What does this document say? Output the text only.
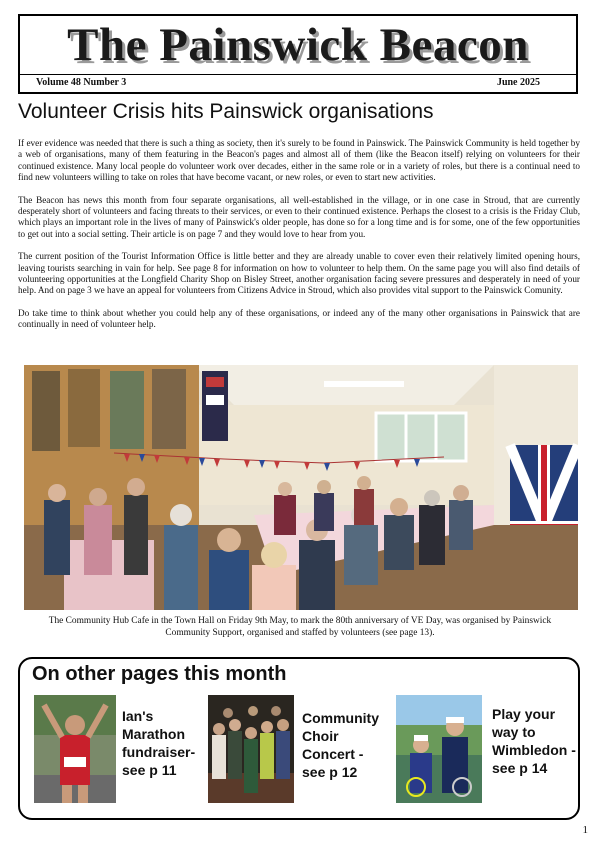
The Painswick Beacon
Volume 48 Number 3	June 2025
Volunteer Crisis hits Painswick organisations

If ever evidence was needed that there is such a thing as society, then it's surely to be found in Painswick. The Painswick Community is held together by a web of organisations, many of them featuring in the Beacon's pages and almost all of them (like the Beacon itself) relying on volunteers for their continued existence. Many local people do volunteer work over decades, either in the same role or in a variety of roles, but there is a continual need to find new volunteers willing to take on roles that have become vacant, or new roles, or even to start new activities.

The Beacon has news this month from four separate organisations, all well-established in the village, or in one case in Stroud, that are currently desperately short of volunteers and facing threats to their services, or even to their continued existence. Perhaps the closest to a crisis is the Friday Club, which plays an important role in the lives of many of Painswick's older people, has done so for a long time and is for some, one of the few opportunities to get out into a social setting. Their article is on page 7 and they would love to hear from you.

The current position of the Tourist Information Office is little better and they are already unable to cover even their relatively limited opening hours, leaving tourists searching in vain for help. See page 8 for information on how to volunteer to help them. On the same page you will also find details of volunteering opportunities at the Longfield Charity Shop on Bisley Street, another organisation facing severe pressures and desperately in need of your help. And on page 3 we have an appeal for volunteers from Citizens Advice in Stroud, which also provides vital support to the Painswick Comunity.

Do take time to think about whether you could help any of these organisations, or indeed any of the many other organisations in Painswick that are continually in need of volunteer help.

The Community Hub Cafe in the Town Hall on Friday 9th May, to mark the 80th anniversary of VE Day, was organised by Painswick Community Support, organised and staffed by volunteers (see page 13).
On other pages this month
Ian's Marathon fundraiser- see p 11
Community Choir Concert - see p 12
Play your way to Wimbledon - see p 14
1
